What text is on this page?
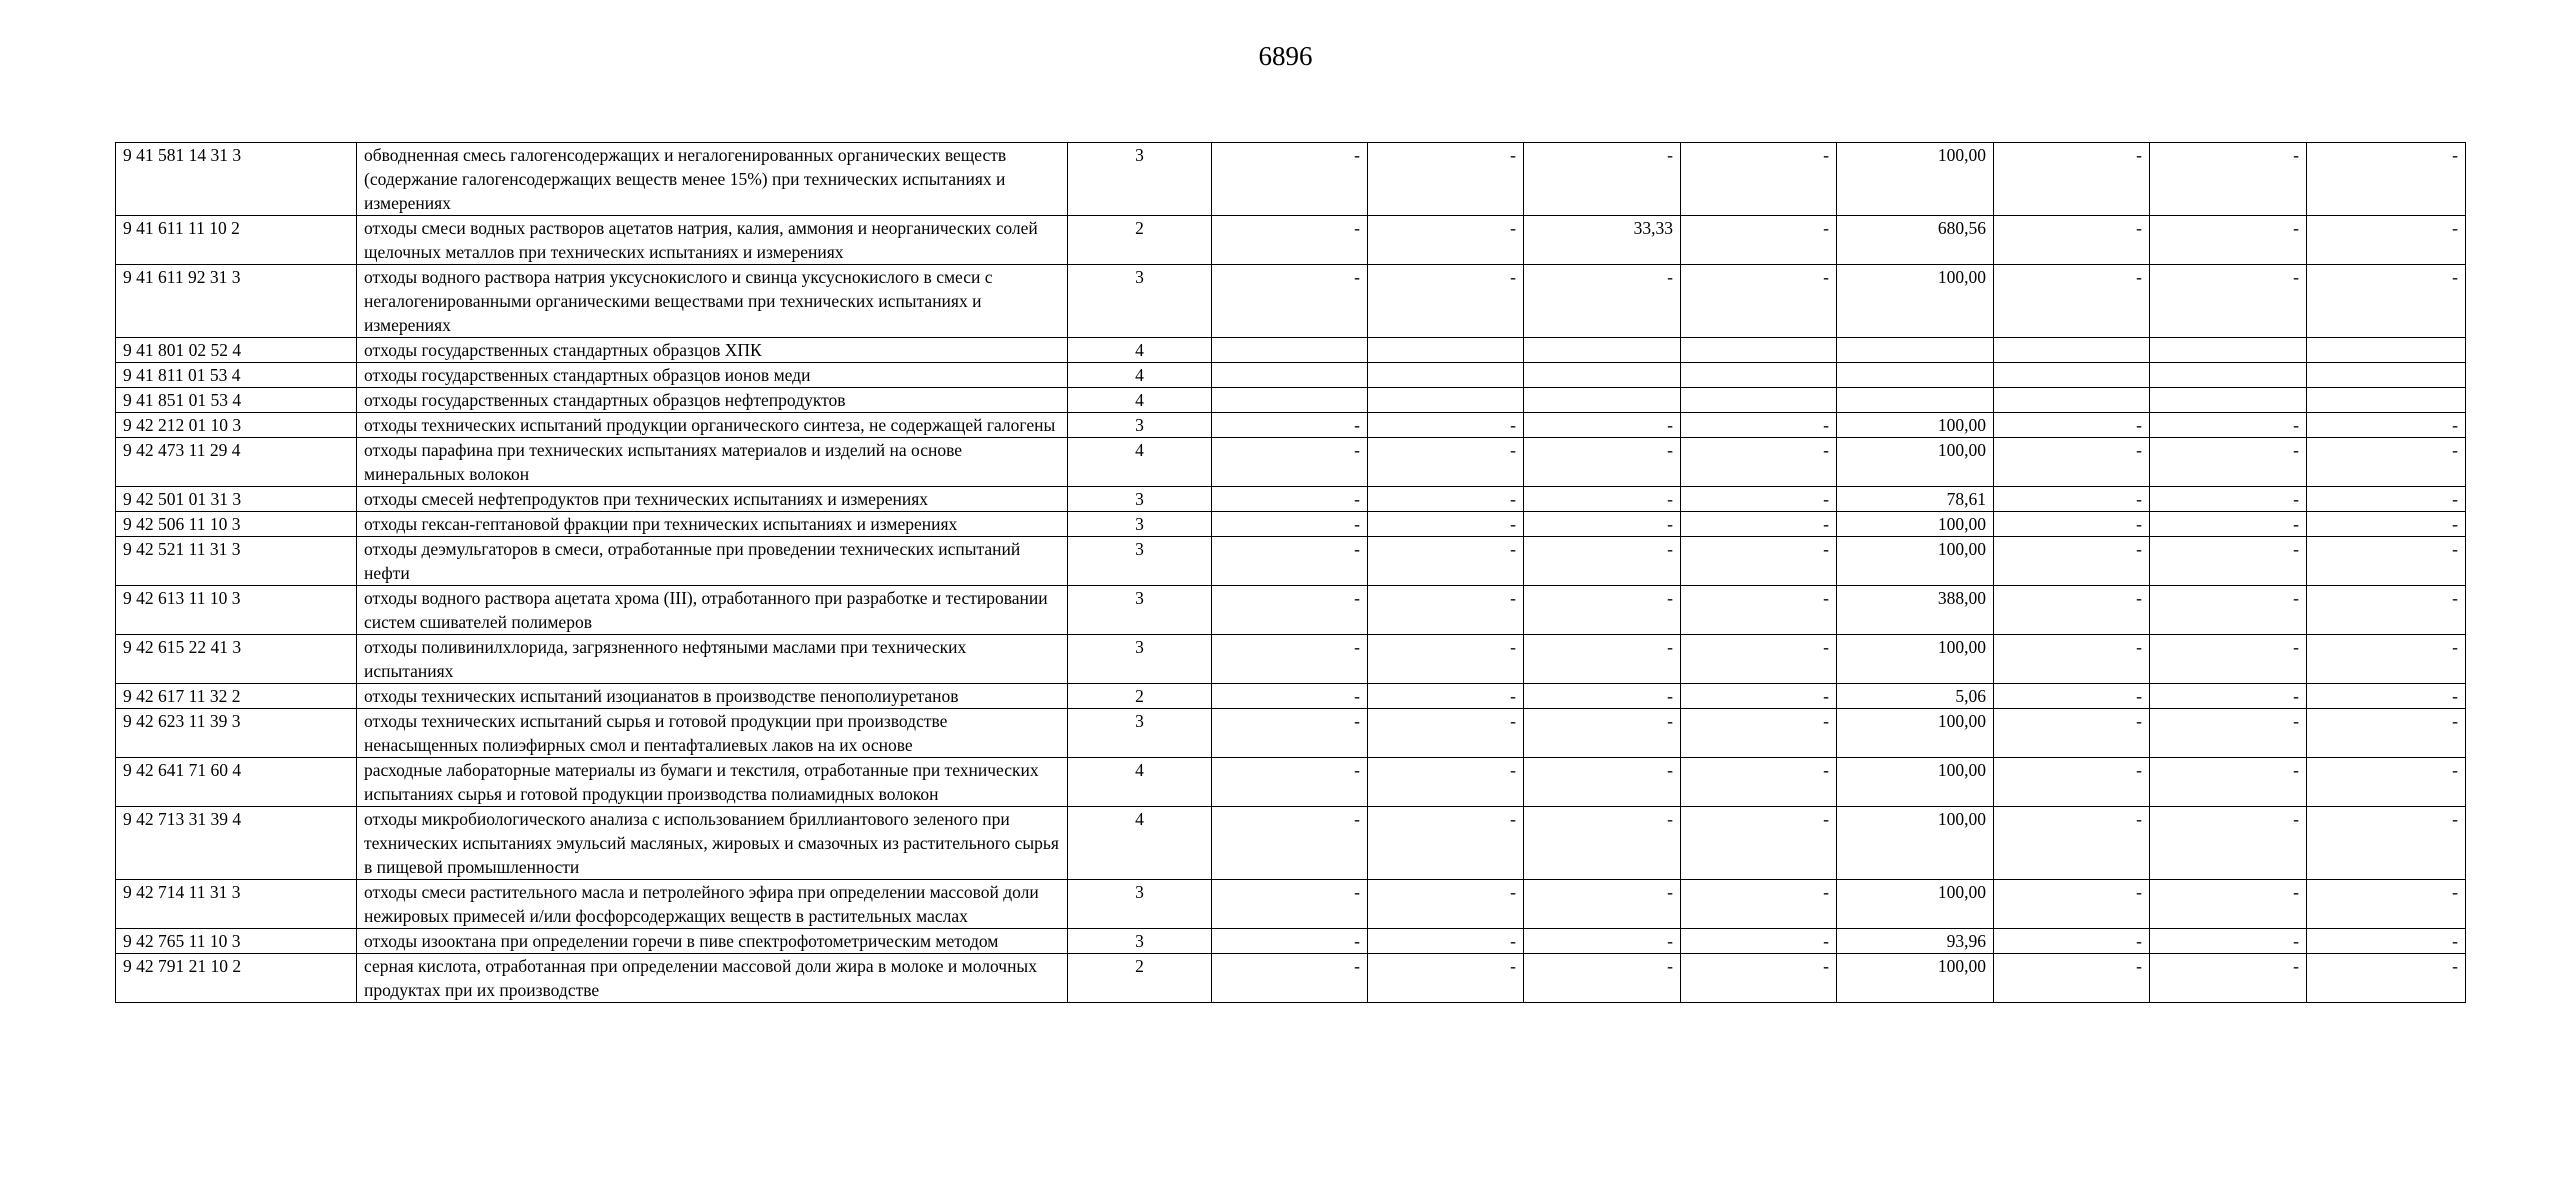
6896
9 41 581 14 31 3	обводненная смесь галогенсодержащих и негалогенированных органических веществ (содержание галогенсодержащих веществ менее 15%) при технических испытаниях и измерениях	3	-	-	-	-	100,00	-	-	-
9 41 611 11 10 2	отходы смеси водных растворов ацетатов натрия, калия, аммония и неорганических солей щелочных металлов при технических испытаниях и измерениях	2	-	-	33,33	-	680,56	-	-	-
9 41 611 92 31 3	отходы водного раствора натрия уксуснокислого и свинца уксуснокислого в смеси с негалогенированными органическими веществами при технических испытаниях и измерениях	3	-	-	-	-	100,00	-	-	-
9 41 801 02 52 4	отходы государственных стандартных образцов ХПК	4								
9 41 811 01 53 4	отходы государственных стандартных образцов ионов меди	4								
9 41 851 01 53 4	отходы государственных стандартных образцов нефтепродуктов	4								
9 42 212 01 10 3	отходы технических испытаний продукции органического синтеза, не содержащей галогены	3	-	-	-	-	100,00	-	-	-
9 42 473 11 29 4	отходы парафина при технических испытаниях материалов и изделий на основе минеральных волокон	4	-	-	-	-	100,00	-	-	-
9 42 501 01 31 3	отходы смесей нефтепродуктов при технических испытаниях и измерениях	3	-	-	-	-	78,61	-	-	-
9 42 506 11 10 3	отходы гексан-гептановой фракции при технических испытаниях и измерениях	3	-	-	-	-	100,00	-	-	-
9 42 521 11 31 3	отходы деэмульгаторов в смеси, отработанные при проведении технических испытаний нефти	3	-	-	-	-	100,00	-	-	-
9 42 613 11 10 3	отходы водного раствора ацетата хрома (III), отработанного при разработке и тестировании систем сшивателей полимеров	3	-	-	-	-	388,00	-	-	-
9 42 615 22 41 3	отходы поливинилхлорида, загрязненного нефтяными маслами при технических испытаниях	3	-	-	-	-	100,00	-	-	-
9 42 617 11 32 2	отходы технических испытаний изоцианатов в производстве пенополиуретанов	2	-	-	-	-	5,06	-	-	-
9 42 623 11 39 3	отходы технических испытаний сырья и готовой продукции при производстве ненасыщенных полиэфирных смол и пентафталиевых лаков на их основе	3	-	-	-	-	100,00	-	-	-
9 42 641 71 60 4	расходные лабораторные материалы из бумаги и текстиля, отработанные при технических испытаниях сырья и готовой продукции производства полиамидных волокон	4	-	-	-	-	100,00	-	-	-
9 42 713 31 39 4	отходы микробиологического анализа с использованием бриллиантового зеленого при технических испытаниях эмульсий масляных, жировых и смазочных из растительного сырья в пищевой промышленности	4	-	-	-	-	100,00	-	-	-
9 42 714 11 31 3	отходы смеси растительного масла и петролейного эфира при определении массовой доли нежировых примесей и/или фосфорсодержащих веществ в растительных маслах	3	-	-	-	-	100,00	-	-	-
9 42 765 11 10 3	отходы изооктана при определении горечи в пиве спектрофотометрическим методом	3	-	-	-	-	93,96	-	-	-
9 42 791 21 10 2	серная кислота, отработанная при определении массовой доли жира в молоке и молочных продуктах при их производстве	2	-	-	-	-	100,00	-	-	-
